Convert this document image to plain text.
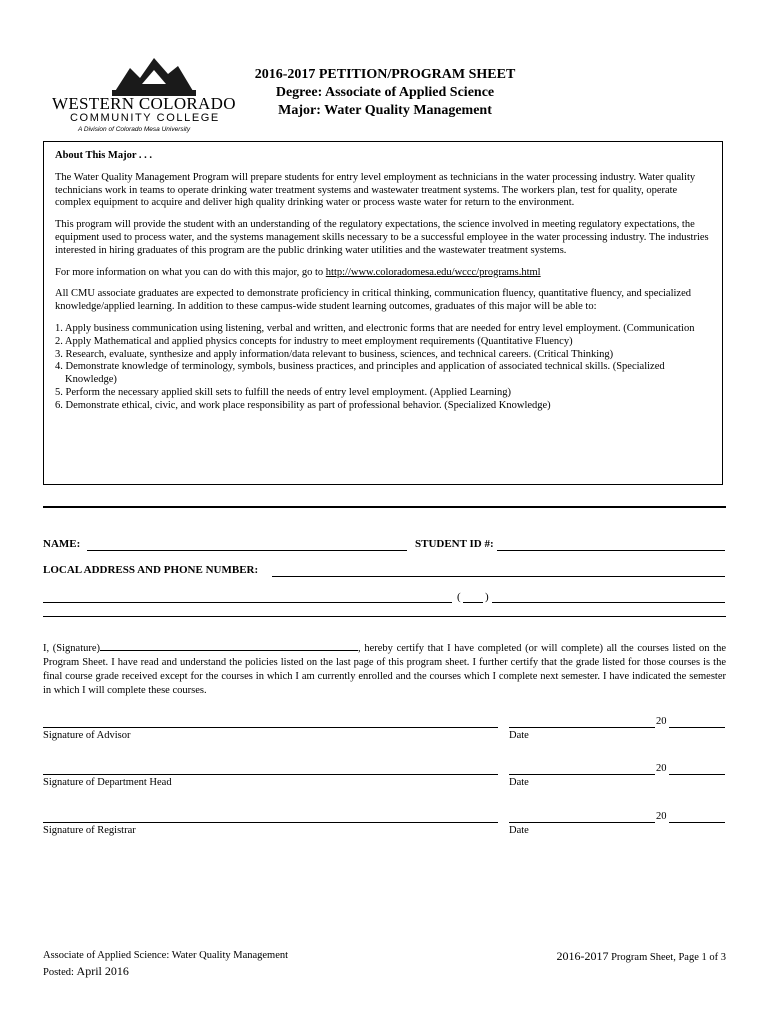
WESTERN COLORADO
COMMUNITY COLLEGE
A Division of Colorado Mesa University
2016-2017 PETITION/PROGRAM SHEET
Degree: Associate of Applied Science
Major: Water Quality Management

About This Major . . .

The Water Quality Management Program will prepare students for entry level employment as technicians in the water processing industry. Water quality technicians work in teams to operate drinking water treatment systems and wastewater treatment systems. The workers plan, test for quality, operate complex equipment to acquire and deliver high quality drinking water or process waste water for return to the environment.

This program will provide the student with an understanding of the regulatory expectations, the science involved in meeting regulatory expectations, the equipment used to process water, and the systems management skills necessary to be a successful employee in the water processing industry. The industries interested in hiring graduates of this program are the public drinking water utilities and the wastewater treatment systems.

For more information on what you can do with this major, go to http://www.coloradomesa.edu/wccc/programs.html

All CMU associate graduates are expected to demonstrate proficiency in critical thinking, communication fluency, quantitative fluency, and specialized knowledge/applied learning. In addition to these campus-wide student learning outcomes, graduates of this major will be able to:

1. Apply business communication using listening, verbal and written, and electronic forms that are needed for entry level employment. (Communication
2. Apply Mathematical and applied physics concepts for industry to meet employment requirements (Quantitative Fluency)
3. Research, evaluate, synthesize and apply information/data relevant to business, sciences, and technical careers. (Critical Thinking)
4. Demonstrate knowledge of terminology, symbols, business practices, and principles and application of associated technical skills. (Specialized Knowledge)
5. Perform the necessary applied skill sets to fulfill the needs of entry level employment. (Applied Learning)
6. Demonstrate ethical, civic, and work place responsibility as part of professional behavior. (Specialized Knowledge)
NAME:	STUDENT ID #:
LOCAL ADDRESS AND PHONE NUMBER:
( )
I, (Signature)	, hereby certify that I have completed (or will complete) all the courses listed on the Program Sheet. I have read and understand the policies listed on the last page of this program sheet. I further certify that the grade listed for those courses is the final course grade received except for the courses in which I am currently enrolled and the courses which I complete next semester. I have indicated the semester in which I will complete these courses.
Signature of Advisor
20
Date
Signature of Department Head
20
Date
Signature of Registrar
20
Date
Associate of Applied Science: Water Quality Management
Posted: April 2016
2016-2017 Program Sheet, Page 1 of 3
